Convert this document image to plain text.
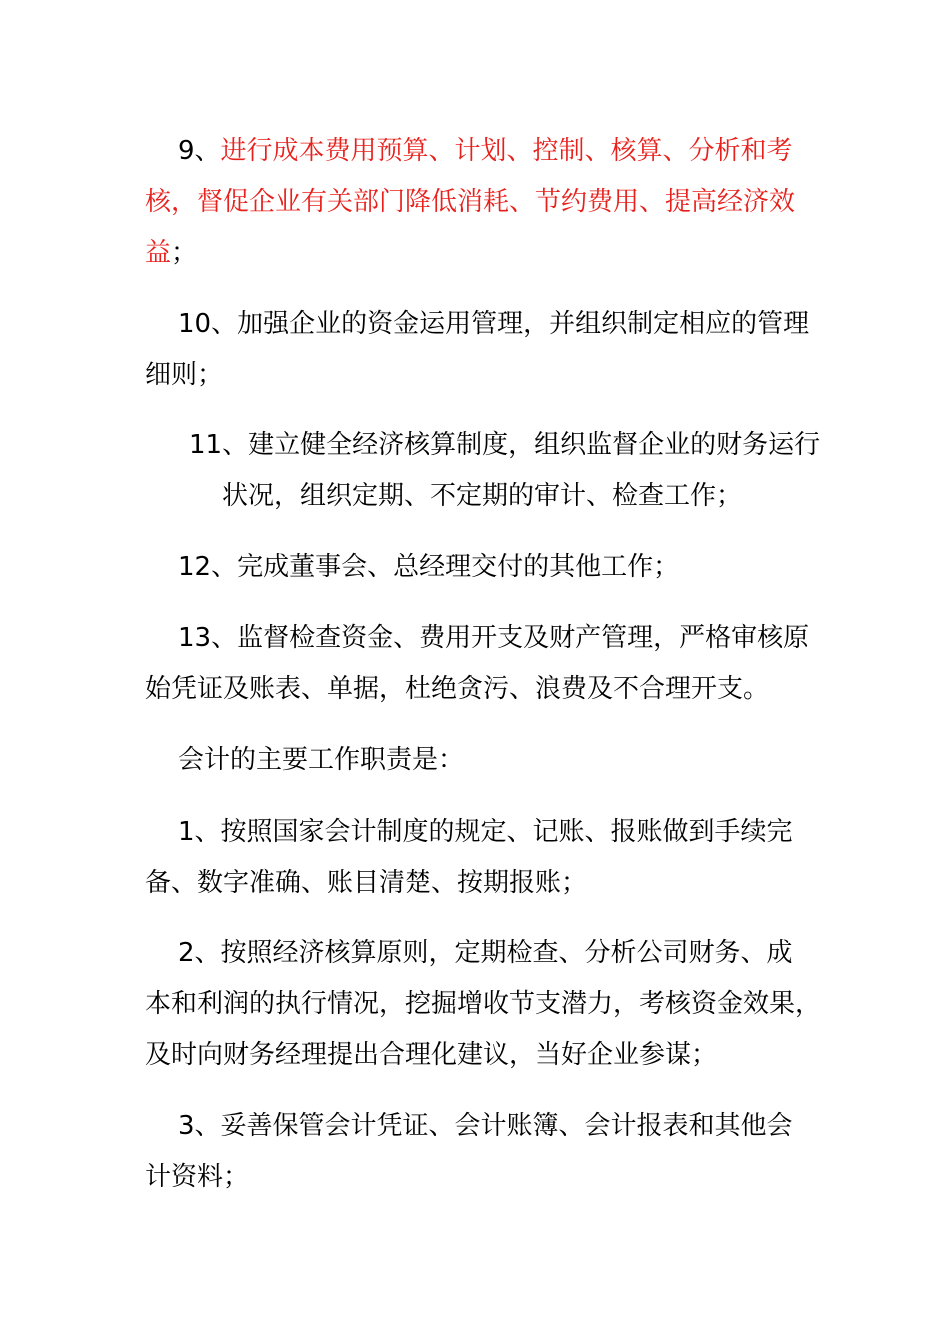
9、进行成本费用预算、计划、控制、核算、分析和考
核，督促企业有关部门降低消耗、节约费用、提高经济效
益；
10、加强企业的资金运用管理，并组织制定相应的管理
细则；
11、建立健全经济核算制度，组织监督企业的财务运行
状况，组织定期、不定期的审计、检查工作；
12、完成董事会、总经理交付的其他工作；
13、监督检查资金、费用开支及财产管理，严格审核原
始凭证及账表、单据，杜绝贪污、浪费及不合理开支。
会计的主要工作职责是：
1、按照国家会计制度的规定、记账、报账做到手续完
备、数字准确、账目清楚、按期报账；
2、按照经济核算原则，定期检查、分析公司财务、成
本和利润的执行情况，挖掘增收节支潜力，考核资金效果，
及时向财务经理提出合理化建议，当好企业参谋；
3、妥善保管会计凭证、会计账簿、会计报表和其他会
计资料；
